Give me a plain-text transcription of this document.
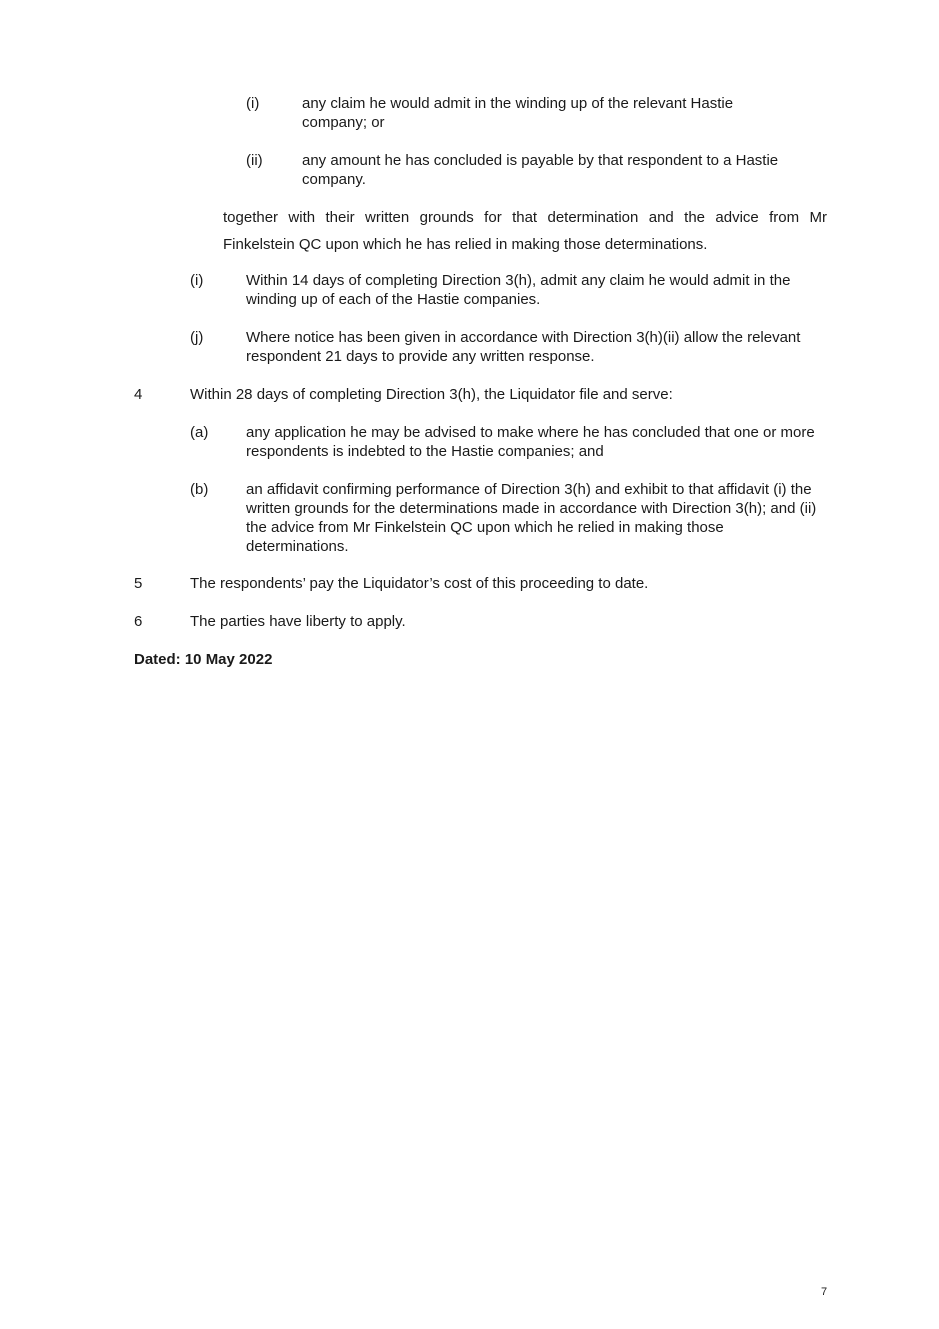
(i)	any claim he would admit in the winding up of the relevant Hastie company; or
(ii)	any amount he has concluded is payable by that respondent to a Hastie company.
together with their written grounds for that determination and the advice from Mr
Finkelstein QC upon which he has relied in making those determinations.
(i)	Within 14 days of completing Direction 3(h), admit any claim he would admit in the winding up of each of the Hastie companies.
(j)	Where notice has been given in accordance with Direction 3(h)(ii) allow the relevant respondent 21 days to provide any written response.
4	Within 28 days of completing Direction 3(h), the Liquidator file and serve:
(a)	any application he may be advised to make where he has concluded that one or more respondents is indebted to the Hastie companies; and
(b)	an affidavit confirming performance of Direction 3(h) and exhibit to that affidavit (i) the written grounds for the determinations made in accordance with Direction 3(h); and (ii) the advice from Mr Finkelstein QC upon which he relied in making those determinations.
5	The respondents’ pay the Liquidator’s cost of this proceeding to date.
6	The parties have liberty to apply.
Dated: 10 May 2022
7
